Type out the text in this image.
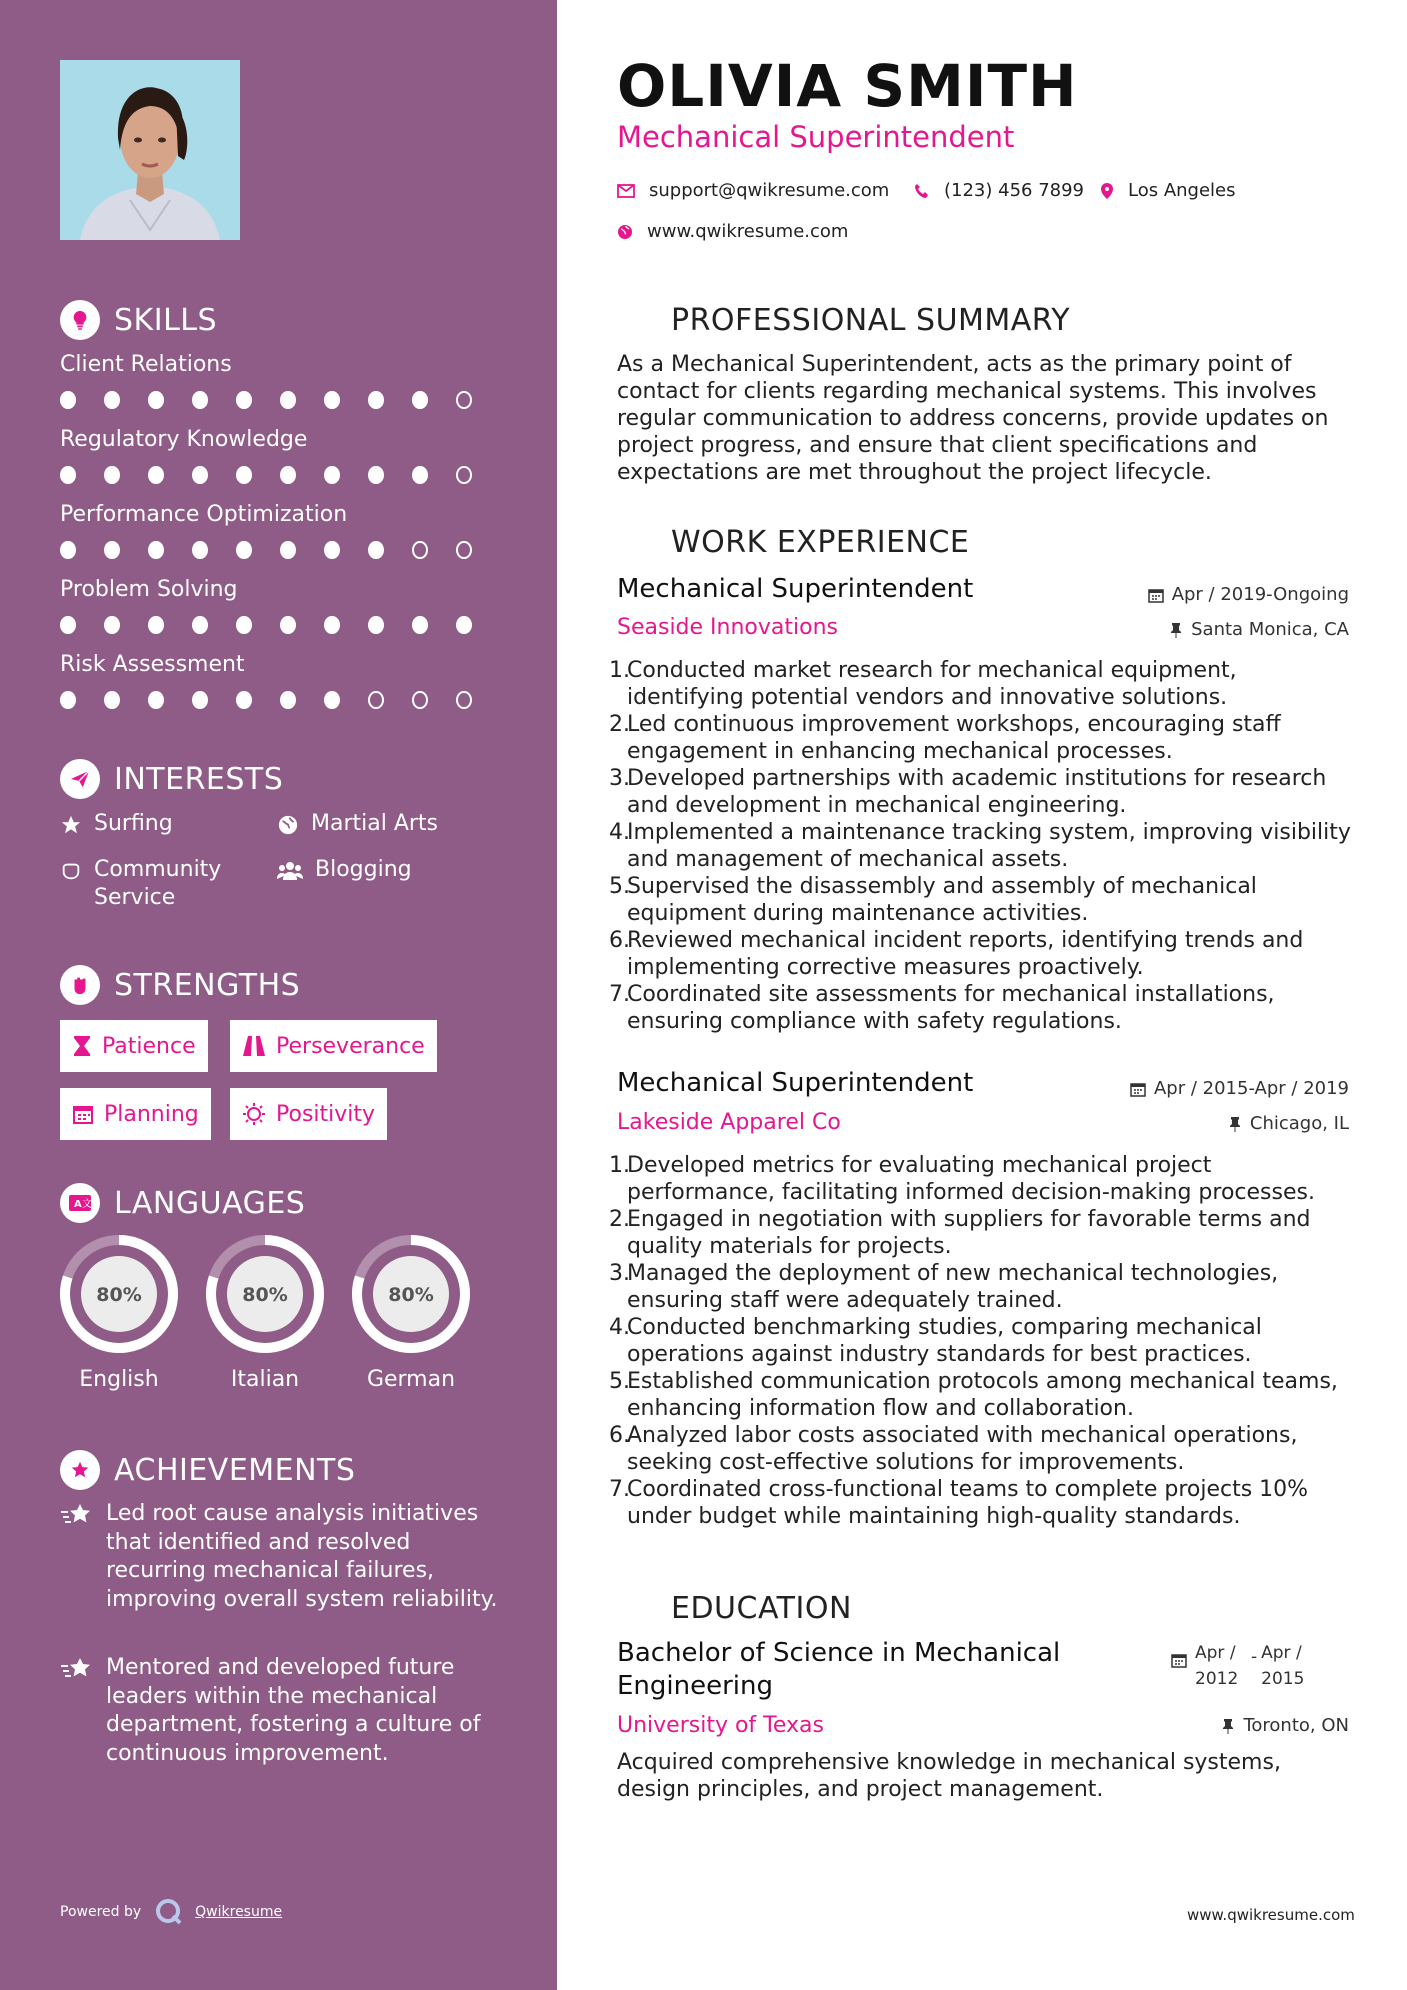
SKILLS
Client Relations
Regulatory Knowledge
Performance Optimization
Problem Solving
Risk Assessment
INTERESTS
Surfing	Martial Arts
Community Service
Blogging
STRENGTHS
Patience	Perseverance
Planning	Positivity
A 文 LANGUAGES
80%
English
80%
Italian
80%
German
ACHIEVEMENTS
Led root cause analysis initiatives that identified and resolved recurring mechanical failures, improving overall system reliability.
Mentored and developed future leaders within the mechanical department, fostering a culture of continuous improvement.
Powered by	Qwikresume
OLIVIA SMITH
Mechanical Superintendent
support@qwikresume.com	(123) 456 7899 Los Angeles
www.qwikresume.com
PROFESSIONAL SUMMARY
As a Mechanical Superintendent, acts as the primary point of contact for clients regarding mechanical systems. This involves regular communication to address concerns, provide updates on project progress, and ensure that client specifications and expectations are met throughout the project lifecycle.
WORK EXPERIENCE
Mechanical Superintendent	Apr / 2019-Ongoing
Seaside Innovations	Santa Monica, CA
1.
Conducted market research for mechanical equipment, identifying potential vendors and innovative solutions.
2.
Led continuous improvement workshops, encouraging staff engagement in enhancing mechanical processes.
3.
Developed partnerships with academic institutions for research and development in mechanical engineering.
4.
Implemented a maintenance tracking system, improving visibility and management of mechanical assets.
5.
Supervised the disassembly and assembly of mechanical equipment during maintenance activities.
6.
Reviewed mechanical incident reports, identifying trends and implementing corrective measures proactively.
7.
Coordinated site assessments for mechanical installations, ensuring compliance with safety regulations.
Mechanical Superintendent	Apr / 2015-Apr / 2019
Lakeside Apparel Co	Chicago, IL
1.
Developed metrics for evaluating mechanical project performance, facilitating informed decision-making processes.
2.
Engaged in negotiation with suppliers for favorable terms and quality materials for projects.
3.
Managed the deployment of new mechanical technologies, ensuring staff were adequately trained.
4.
Conducted benchmarking studies, comparing mechanical operations against industry standards for best practices.
5.
Established communication protocols among mechanical teams, enhancing information flow and collaboration.
6.
Analyzed labor costs associated with mechanical operations, seeking cost-effective solutions for improvements.
7.
Coordinated cross-functional teams to complete projects 10% under budget while maintaining high-quality standards.
EDUCATION
Bachelor of Science in Mechanical Engineering
Apr / 2012
- Apr / 2015
University of Texas	Toronto, ON
Acquired comprehensive knowledge in mechanical systems, design principles, and project management.
www.qwikresume.com
